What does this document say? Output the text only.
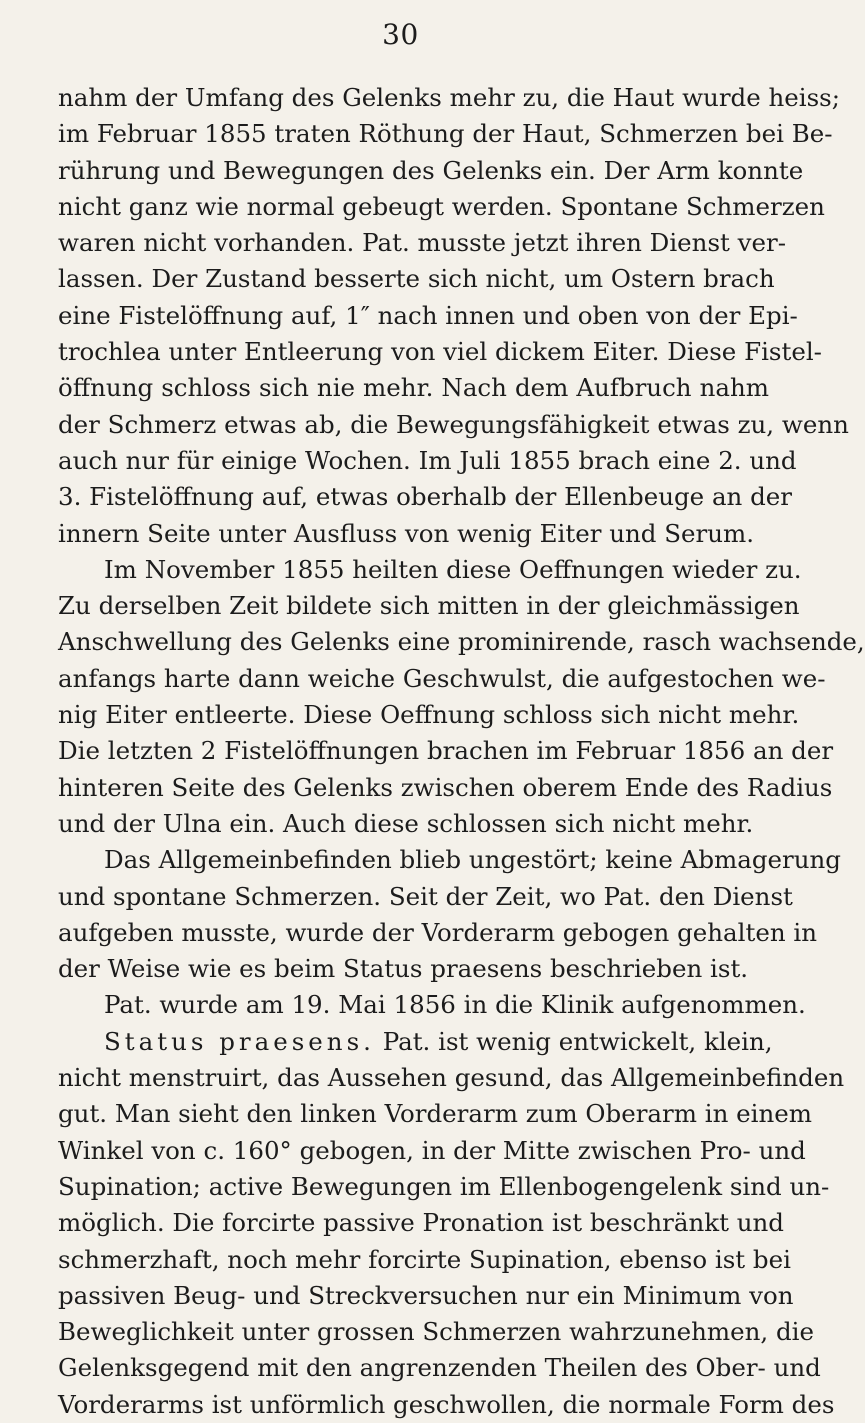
30
nahm der Umfang des Gelenks mehr zu, die Haut wurde heiss;
im Februar 1855 traten Röthung der Haut, Schmerzen bei Be-
rührung und Bewegungen des Gelenks ein. Der Arm konnte
nicht ganz wie normal gebeugt werden. Spontane Schmerzen
waren nicht vorhanden. Pat. musste jetzt ihren Dienst ver-
lassen. Der Zustand besserte sich nicht, um Ostern brach
eine Fistelöffnung auf, 1″ nach innen und oben von der Epi-
trochlea unter Entleerung von viel dickem Eiter. Diese Fistel-
öffnung schloss sich nie mehr. Nach dem Aufbruch nahm
der Schmerz etwas ab, die Bewegungsfähigkeit etwas zu, wenn
auch nur für einige Wochen. Im Juli 1855 brach eine 2. und
3. Fistelöffnung auf, etwas oberhalb der Ellenbeuge an der
innern Seite unter Ausfluss von wenig Eiter und Serum.
Im November 1855 heilten diese Oeffnungen wieder zu.
Zu derselben Zeit bildete sich mitten in der gleichmässigen
Anschwellung des Gelenks eine prominirende, rasch wachsende,
anfangs harte dann weiche Geschwulst, die aufgestochen we-
nig Eiter entleerte. Diese Oeffnung schloss sich nicht mehr.
Die letzten 2 Fistelöffnungen brachen im Februar 1856 an der
hinteren Seite des Gelenks zwischen oberem Ende des Radius
und der Ulna ein. Auch diese schlossen sich nicht mehr.
Das Allgemeinbefinden blieb ungestört; keine Abmagerung
und spontane Schmerzen. Seit der Zeit, wo Pat. den Dienst
aufgeben musste, wurde der Vorderarm gebogen gehalten in
der Weise wie es beim Status praesens beschrieben ist.
Pat. wurde am 19. Mai 1856 in die Klinik aufgenommen.
Status praesens. Pat. ist wenig entwickelt, klein,
nicht menstruirt, das Aussehen gesund, das Allgemeinbefinden
gut. Man sieht den linken Vorderarm zum Oberarm in einem
Winkel von c. 160° gebogen, in der Mitte zwischen Pro- und
Supination; active Bewegungen im Ellenbogengelenk sind un-
möglich. Die forcirte passive Pronation ist beschränkt und
schmerzhaft, noch mehr forcirte Supination, ebenso ist bei
passiven Beug- und Streckversuchen nur ein Minimum von
Beweglichkeit unter grossen Schmerzen wahrzunehmen, die
Gelenksgegend mit den angrenzenden Theilen des Ober- und
Vorderarms ist unförmlich geschwollen, die normale Form des
